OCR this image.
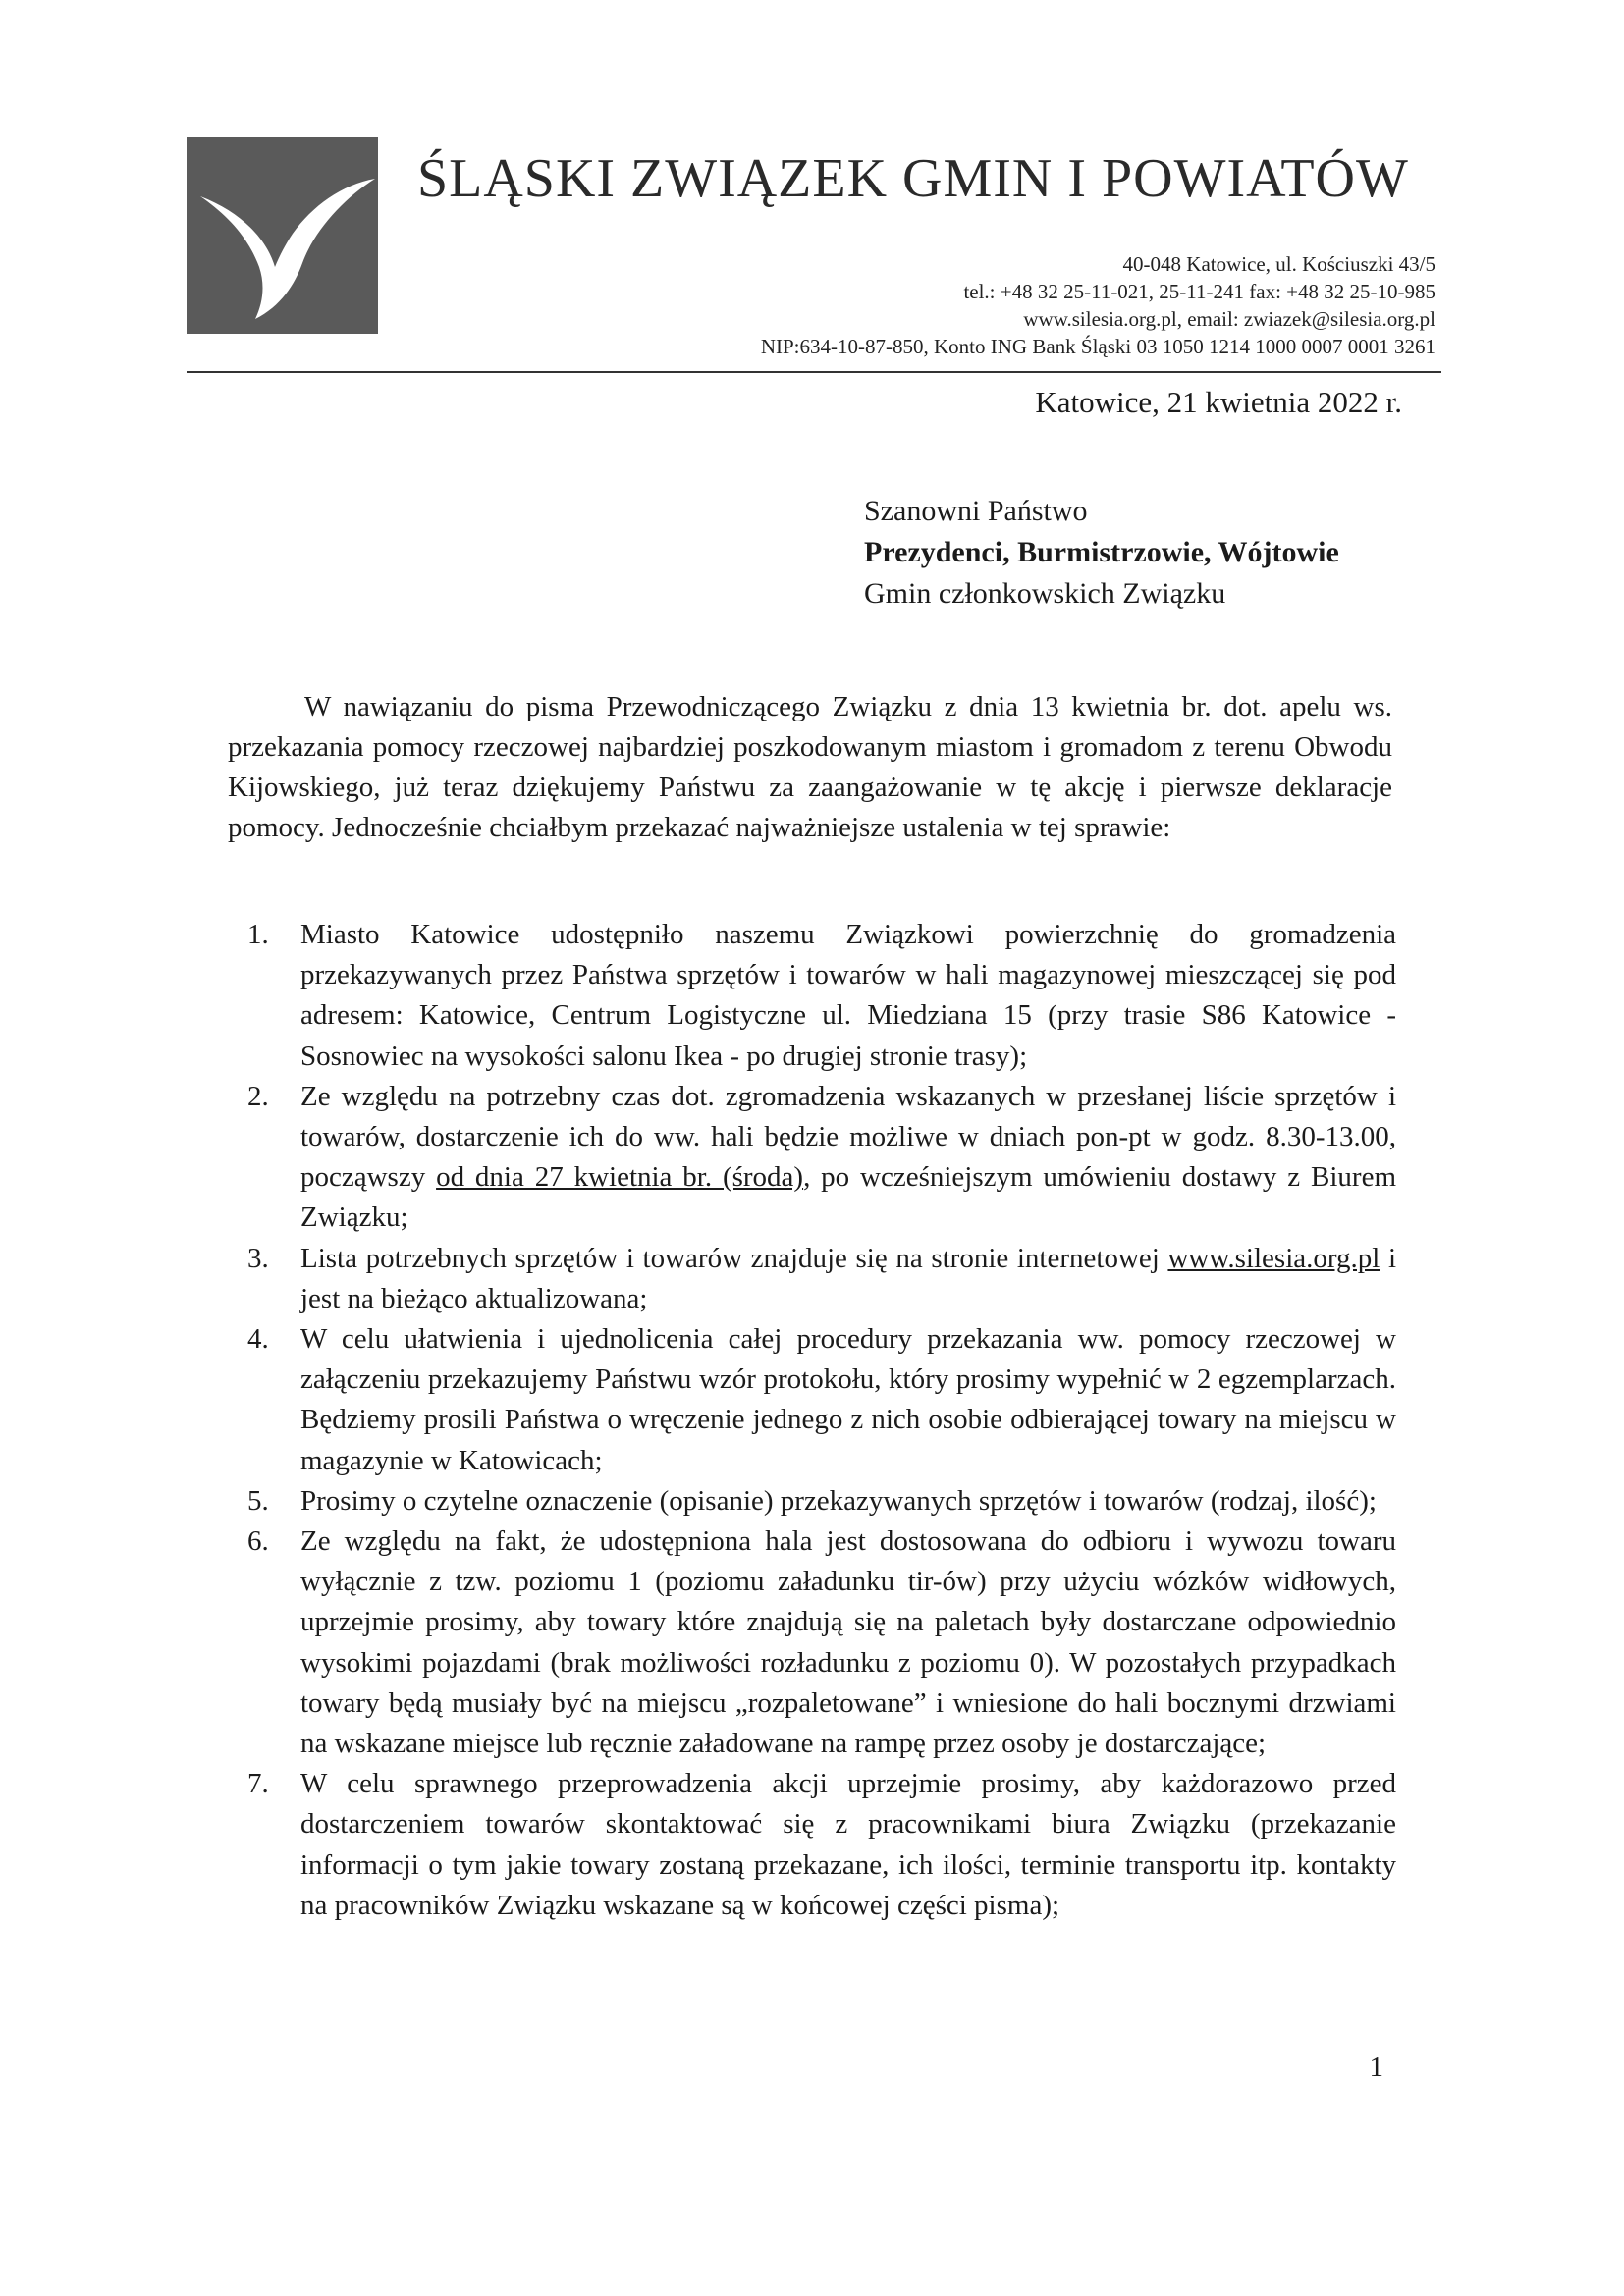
ŚLĄSKI ZWIĄZEK GMIN I POWIATÓW
40-048 Katowice, ul. Kościuszki 43/5
tel.: +48 32 25-11-021, 25-11-241 fax: +48 32 25-10-985
www.silesia.org.pl, email: zwiazek@silesia.org.pl
NIP:634-10-87-850, Konto ING Bank Śląski 03 1050 1214 1000 0007 0001 3261
Katowice, 21 kwietnia 2022 r.
Szanowni Państwo
Prezydenci, Burmistrzowie, Wójtowie
Gmin członkowskich Związku

W nawiązaniu do pisma Przewodniczącego Związku z dnia 13 kwietnia br. dot. apelu ws. przekazania pomocy rzeczowej najbardziej poszkodowanym miastom i gromadom z terenu Obwodu Kijowskiego, już teraz dziękujemy Państwu za zaangażowanie w tę akcję i pierwsze deklaracje pomocy. Jednocześnie chciałbym przekazać najważniejsze ustalenia w tej sprawie:

1. Miasto Katowice udostępniło naszemu Związkowi powierzchnię do gromadzenia przekazywanych przez Państwa sprzętów i towarów w hali magazynowej mieszczącej się pod adresem: Katowice, Centrum Logistyczne ul. Miedziana 15 (przy trasie S86 Katowice - Sosnowiec na wysokości salonu Ikea - po drugiej stronie trasy);
2. Ze względu na potrzebny czas dot. zgromadzenia wskazanych w przesłanej liście sprzętów i towarów, dostarczenie ich do ww. hali będzie możliwe w dniach pon-pt w godz. 8.30-13.00, począwszy od dnia 27 kwietnia br. (środa), po wcześniejszym umówieniu dostawy z Biurem Związku;
3. Lista potrzebnych sprzętów i towarów znajduje się na stronie internetowej www.silesia.org.pl i jest na bieżąco aktualizowana;
4. W celu ułatwienia i ujednolicenia całej procedury przekazania ww. pomocy rzeczowej w załączeniu przekazujemy Państwu wzór protokołu, który prosimy wypełnić w 2 egzemplarzach. Będziemy prosili Państwa o wręczenie jednego z nich osobie odbierającej towary na miejscu w magazynie w Katowicach;
5. Prosimy o czytelne oznaczenie (opisanie) przekazywanych sprzętów i towarów (rodzaj, ilość);
6. Ze względu na fakt, że udostępniona hala jest dostosowana do odbioru i wywozu towaru wyłącznie z tzw. poziomu 1 (poziomu załadunku tir-ów) przy użyciu wózków widłowych, uprzejmie prosimy, aby towary które znajdują się na paletach były dostarczane odpowiednio wysokimi pojazdami (brak możliwości rozładunku z poziomu 0). W pozostałych przypadkach towary będą musiały być na miejscu „rozpaletowane” i wniesione do hali bocznymi drzwiami na wskazane miejsce lub ręcznie załadowane na rampę przez osoby je dostarczające;
7. W celu sprawnego przeprowadzenia akcji uprzejmie prosimy, aby każdorazowo przed dostarczeniem towarów skontaktować się z pracownikami biura Związku (przekazanie informacji o tym jakie towary zostaną przekazane, ich ilości, terminie transportu itp. kontakty na pracowników Związku wskazane są w końcowej części pisma);
1
